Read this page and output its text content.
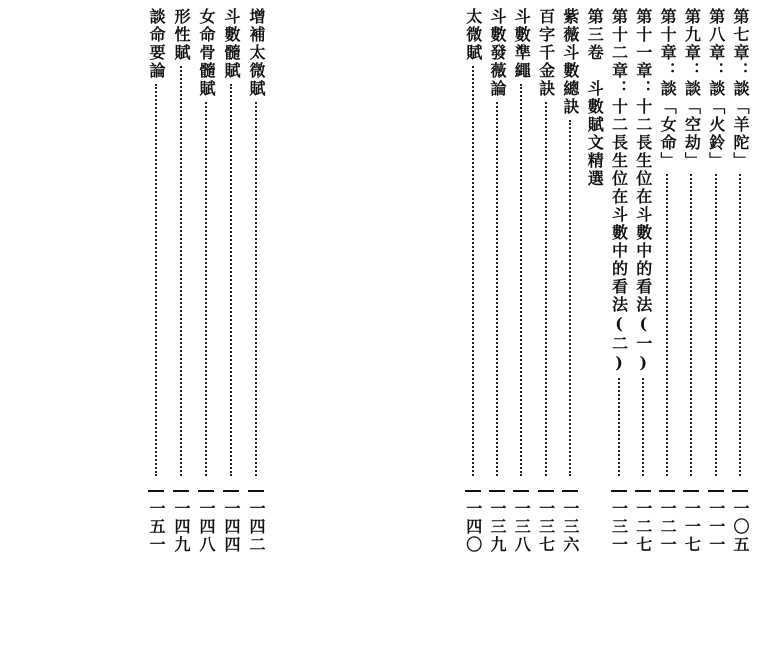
第七章：談「羊陀」
一〇五
第八章：談「火鈴」
一一一
第九章：談「空劫」
一一七
第十章：談「女命」
一二一
第十一章：十二長生位在斗數中的看法(一)
一二七
第十二章：十二長生位在斗數中的看法(二)
一三一
第三卷　斗數賦文精選
紫薇斗數總訣
一三六
百字千金訣
一三七
斗數準繩
一三八
斗數發薇論
一三九
太微賦
一四〇
增補太微賦
一四二
斗數髓賦
一四四
女命骨髓賦
一四八
形性賦
一四九
談命要論
一五一
